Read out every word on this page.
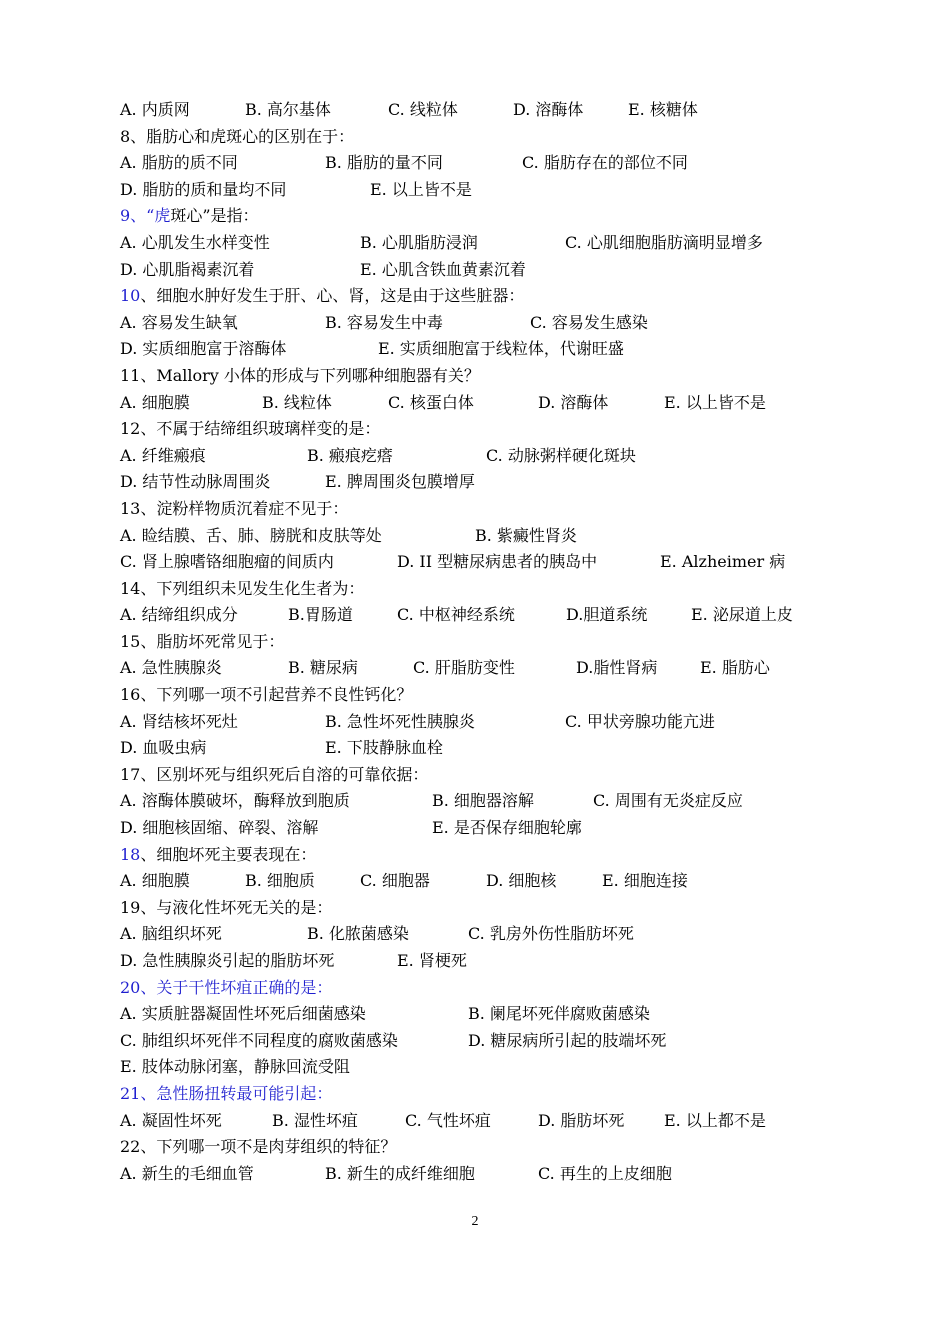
A. 内质网	B. 高尔基体	C. 线粒体	D. 溶酶体	E. 核糖体
8、脂肪心和虎斑心的区别在于：
A. 脂肪的质不同	B. 脂肪的量不同	C. 脂肪存在的部位不同
D. 脂肪的质和量均不同	E. 以上皆不是
9、“虎斑心”是指：
A. 心肌发生水样变性	B. 心肌脂肪浸润	C. 心肌细胞脂肪滴明显增多
D. 心肌脂褐素沉着	E. 心肌含铁血黄素沉着
10、细胞水肿好发生于肝、心、肾，这是由于这些脏器：
A. 容易发生缺氧	B. 容易发生中毒	C. 容易发生感染
D. 实质细胞富于溶酶体	E. 实质细胞富于线粒体，代谢旺盛
11、Mallory 小体的形成与下列哪种细胞器有关？
A. 细胞膜	B. 线粒体	C. 核蛋白体	D. 溶酶体	E. 以上皆不是
12、不属于结缔组织玻璃样变的是：
A. 纤维瘢痕	B. 瘢痕疙瘩	C. 动脉粥样硬化斑块
D. 结节性动脉周围炎	E. 脾周围炎包膜增厚
13、淀粉样物质沉着症不见于：
A. 睑结膜、舌、肺、膀胱和皮肤等处	B. 紫癜性肾炎
C. 肾上腺嗜铬细胞瘤的间质内	D. II 型糖尿病患者的胰岛中	E. Alzheimer 病
14、下列组织未见发生化生者为：
A. 结缔组织成分	B.胃肠道	C. 中枢神经系统	D.胆道系统	E. 泌尿道上皮
15、脂肪坏死常见于：
A. 急性胰腺炎	B. 糖尿病	C. 肝脂肪变性	D.脂性肾病	E. 脂肪心
16、下列哪一项不引起营养不良性钙化？
A. 肾结核坏死灶	B. 急性坏死性胰腺炎	C. 甲状旁腺功能亢进
D. 血吸虫病	E. 下肢静脉血栓
17、区别坏死与组织死后自溶的可靠依据：
A. 溶酶体膜破坏，酶释放到胞质	B. 细胞器溶解	C. 周围有无炎症反应
D. 细胞核固缩、碎裂、溶解	E. 是否保存细胞轮廓
18、细胞坏死主要表现在：
A. 细胞膜	B. 细胞质	C. 细胞器	D. 细胞核	E. 细胞连接
19、与液化性坏死无关的是：
A. 脑组织坏死	B. 化脓菌感染	C. 乳房外伤性脂肪坏死
D. 急性胰腺炎引起的脂肪坏死	E. 肾梗死
20、关于干性坏疽正确的是：
A. 实质脏器凝固性坏死后细菌感染	B. 阑尾坏死伴腐败菌感染
C. 肺组织坏死伴不同程度的腐败菌感染	D. 糖尿病所引起的肢端坏死
E. 肢体动脉闭塞，静脉回流受阻
21、急性肠扭转最可能引起：
A. 凝固性坏死	B. 湿性坏疽	C. 气性坏疽	D. 脂肪坏死 E. 以上都不是
22、下列哪一项不是肉芽组织的特征？
A. 新生的毛细血管	B. 新生的成纤维细胞	C. 再生的上皮细胞
2
